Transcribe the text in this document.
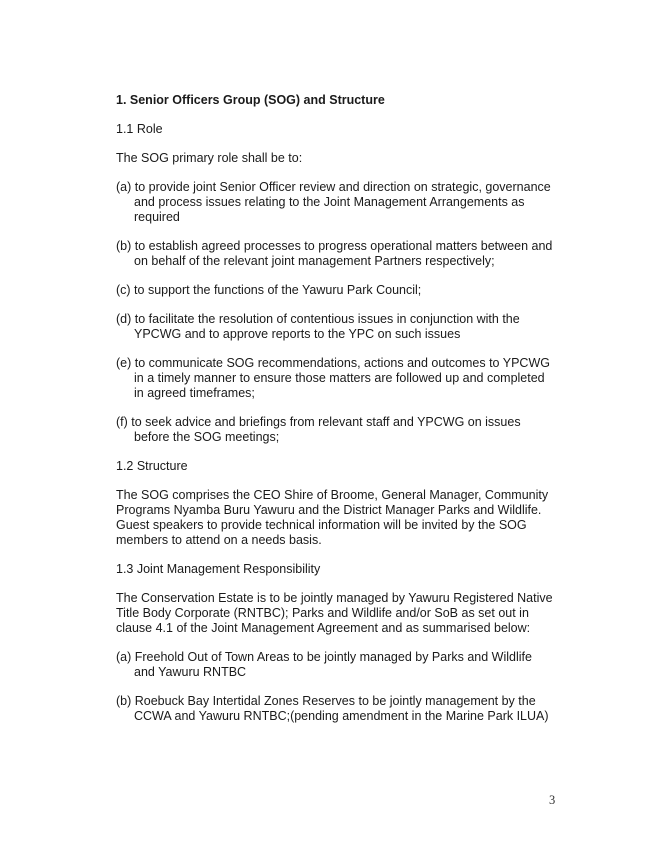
1. Senior Officers Group (SOG) and Structure
1.1 Role
The SOG primary role shall be to:
(a) to provide joint Senior Officer review and direction on strategic, governance and process issues relating to the Joint Management Arrangements as required
(b) to establish agreed processes to progress operational matters between and on behalf of the relevant joint management Partners respectively;
(c) to support the functions of the Yawuru Park Council;
(d) to facilitate the resolution of contentious issues in conjunction with the YPCWG and to approve reports to the YPC on such issues
(e) to communicate SOG recommendations, actions and outcomes to YPCWG in a timely manner to ensure those matters are followed up and completed in agreed timeframes;
(f) to seek advice and briefings from relevant staff and YPCWG on issues before the SOG meetings;
1.2 Structure
The SOG comprises the CEO Shire of Broome, General Manager, Community Programs Nyamba Buru Yawuru and the District Manager Parks and Wildlife. Guest speakers to provide technical information will be invited by the SOG members to attend on a needs basis.
1.3 Joint Management Responsibility
The Conservation Estate is to be jointly managed by Yawuru Registered Native Title Body Corporate (RNTBC); Parks and Wildlife and/or SoB as set out in clause 4.1 of the Joint Management Agreement and as summarised below:
(a) Freehold Out of Town Areas to be jointly managed by Parks and Wildlife and Yawuru RNTBC
(b) Roebuck Bay Intertidal Zones Reserves to be jointly management by the CCWA and Yawuru RNTBC;(pending amendment in the Marine Park ILUA)
3
